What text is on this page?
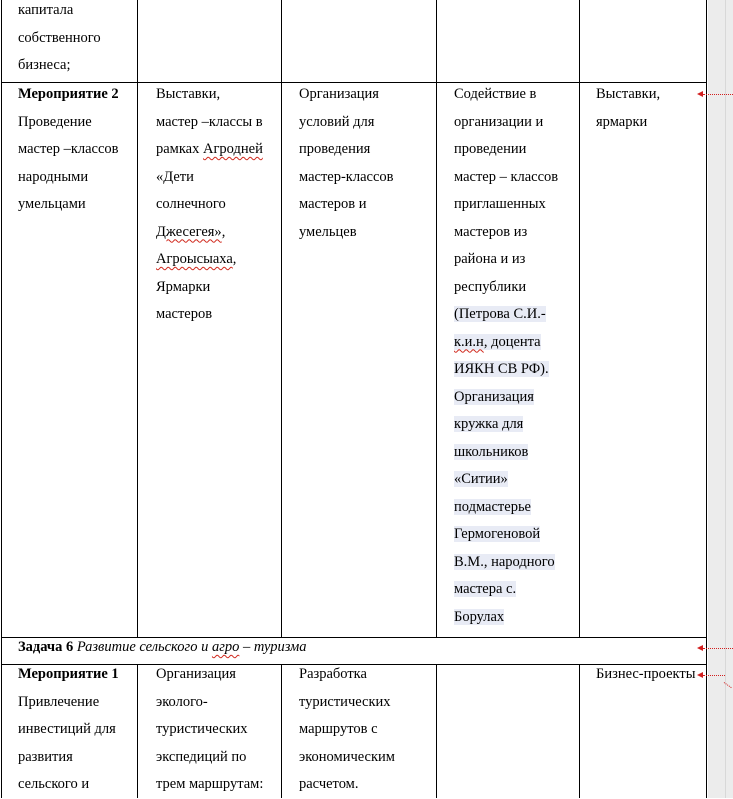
капитала
собственного
бизнеса;
Мероприятие 2
Проведение
мастер –классов
народными
умельцами
Выставки,
мастер –классы в
рамках Агродней
«Дети
солнечного
Джесегея»,
Агроысыаха,
Ярмарки
мастеров
Организация
условий для
проведения
мастер-классов
мастеров и
умельцев
Содействие в
организации и
проведении
мастер – классов
приглашенных
мастеров из
района и из
республики
(Петрова С.И.-
к.и.н, доцента
ИЯКН СВ РФ).
Организация
кружка для
школьников
«Ситии»
подмастерье
Гермогеновой
В.М., народного
мастера с.
Борулах
Выставки,
ярмарки
Задача 6 Развитие сельского и агро – туризма
Мероприятие 1
Привлечение
инвестиций для
развития
сельского и
Организация
эколого-
туристических
экспедиций по
трем маршрутам:
Разработка
туристических
маршрутов с
экономическим
расчетом.
Бизнес-проекты
